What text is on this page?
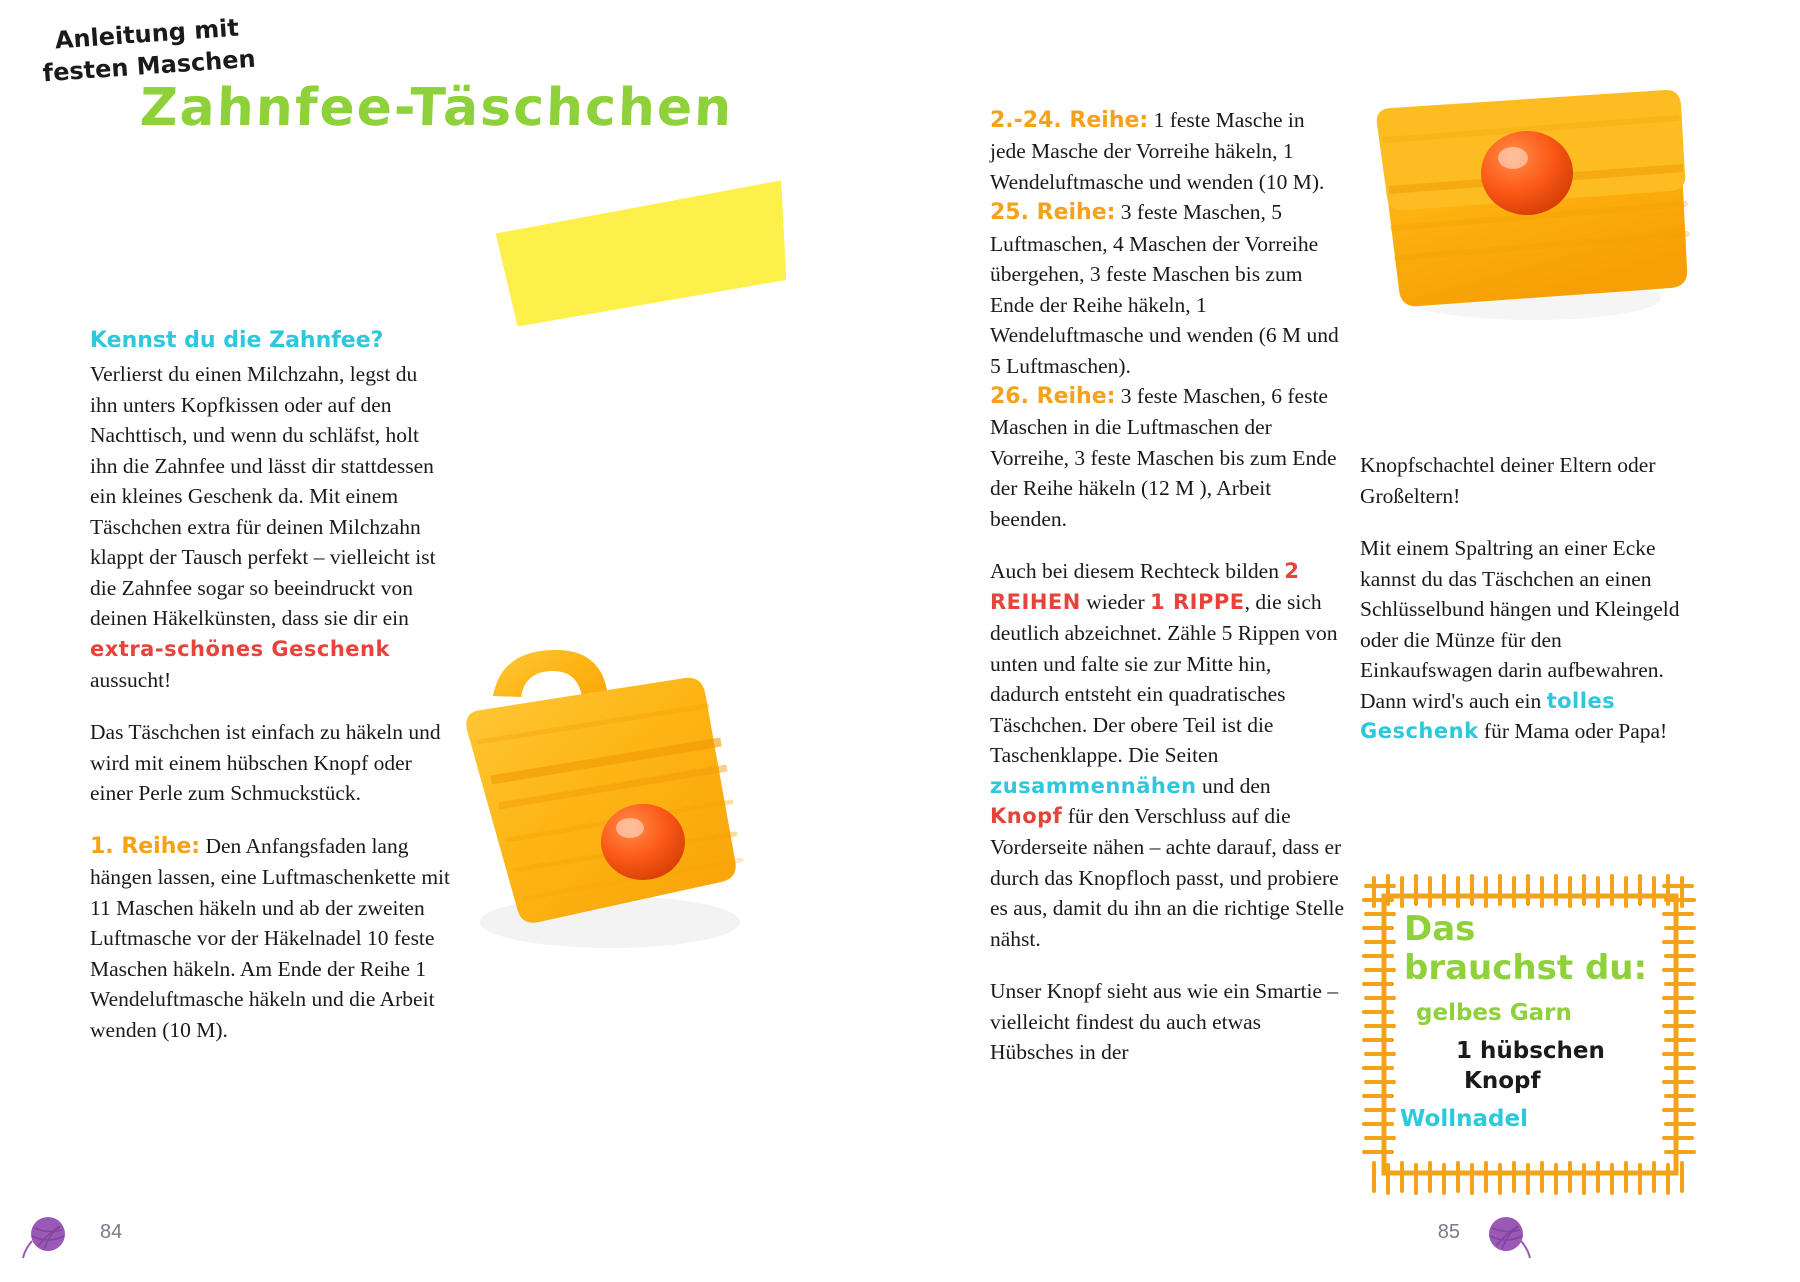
Zahnfee-Täschchen
Anleitung mit festen Maschen

Kennst du die Zahnfee?
Verlierst du einen Milchzahn, legst du ihn unters Kopfkissen oder auf den Nachttisch, und wenn du schläfst, holt ihn die Zahnfee und lässt dir stattdessen ein kleines Geschenk da. Mit einem Täschchen extra für deinen Milchzahn klappt der Tausch perfekt – vielleicht ist die Zahnfee sogar so beeindruckt von deinen Häkelkünsten, dass sie dir ein extra-schönes Geschenk aussucht!

Das Täschchen ist einfach zu häkeln und wird mit einem hübschen Knopf oder einer Perle zum Schmuckstück.

1. Reihe: Den Anfangsfaden lang hängen lassen, eine Luftmaschenkette mit 11 Maschen häkeln und ab der zweiten Luftmasche vor der Häkelnadel 10 feste Maschen häkeln. Am Ende der Reihe 1 Wendeluftmasche häkeln und die Arbeit wenden (10 M).

2.-24. Reihe: 1 feste Masche in jede Masche der Vorreihe häkeln, 1 Wendeluftmasche und wenden (10 M).

25. Reihe: 3 feste Maschen, 5 Luftmaschen, 4 Maschen der Vorreihe übergehen, 3 feste Maschen bis zum Ende der Reihe häkeln, 1 Wendeluftmasche und wenden (6 M und 5 Luftmaschen).

26. Reihe: 3 feste Maschen, 6 feste Maschen in die Luftmaschen der Vorreihe, 3 feste Maschen bis zum Ende der Reihe häkeln (12 M ), Arbeit beenden.

Auch bei diesem Rechteck bilden 2 REIHEN wieder 1 RIPPE, die sich deutlich abzeichnet. Zähle 5 Rippen von unten und falte sie zur Mitte hin, dadurch entsteht ein quadratisches Täschchen. Der obere Teil ist die Taschenklappe. Die Seiten zusammennähen und den Knopf für den Verschluss auf die Vorderseite nähen – achte darauf, dass er durch das Knopfloch passt, und probiere es aus, damit du ihn an die richtige Stelle nähst.

Unser Knopf sieht aus wie ein Smartie – vielleicht findest du auch etwas Hübsches in der

Knopfschachtel deiner Eltern oder Großeltern!

Mit einem Spaltring an einer Ecke kannst du das Täschchen an einen Schlüsselbund hängen und Kleingeld oder die Münze für den Einkaufswagen darin aufbewahren. Dann wird's auch ein tolles Geschenk für Mama oder Papa!

Das
brauchst du:
gelbes Garn
1 hübschen
Knopf
Wollnadel
84	85
